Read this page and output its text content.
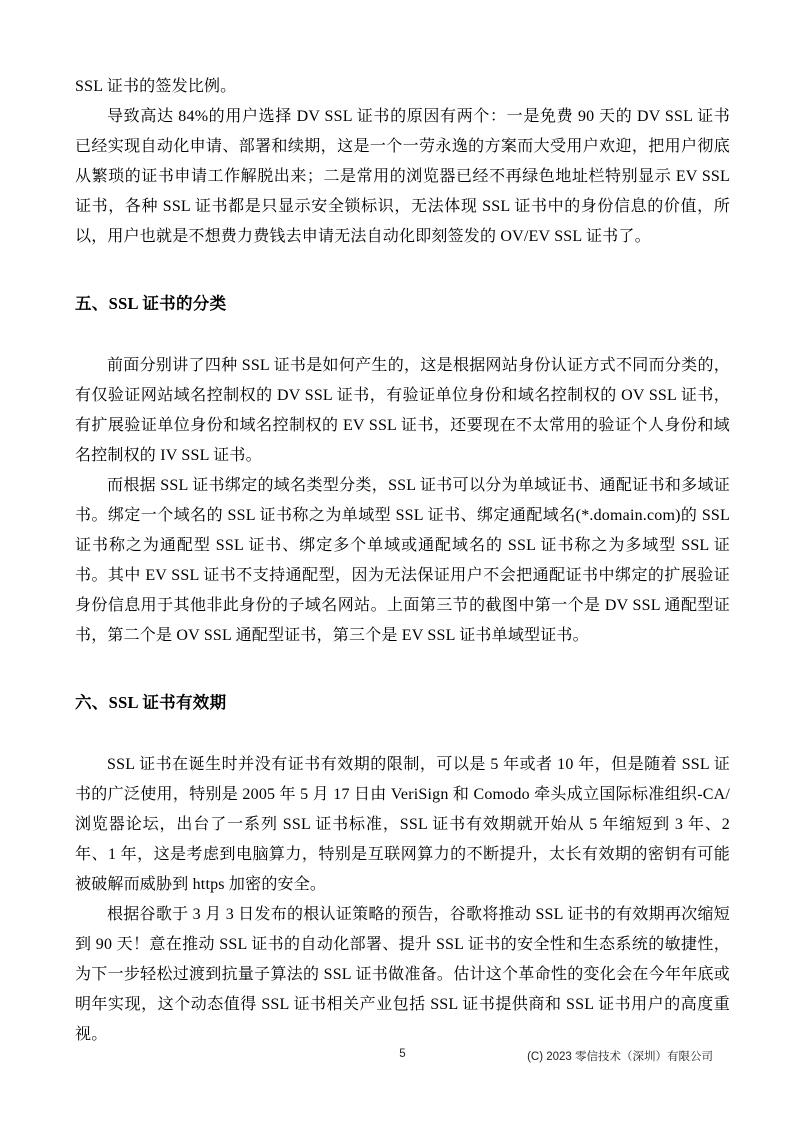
SSL 证书的签发比例。

导致高达 84%的用户选择 DV SSL 证书的原因有两个：一是免费 90 天的 DV SSL 证书已经实现自动化申请、部署和续期，这是一个一劳永逸的方案而大受用户欢迎，把用户彻底从繁琐的证书申请工作解脱出来；二是常用的浏览器已经不再绿色地址栏特别显示 EV SSL 证书，各种 SSL 证书都是只显示安全锁标识，无法体现 SSL 证书中的身份信息的价值，所以，用户也就是不想费力费钱去申请无法自动化即刻签发的 OV/EV SSL 证书了。

五、SSL 证书的分类

前面分别讲了四种 SSL 证书是如何产生的，这是根据网站身份认证方式不同而分类的，有仅验证网站域名控制权的 DV SSL 证书，有验证单位身份和域名控制权的 OV SSL 证书，有扩展验证单位身份和域名控制权的 EV SSL 证书，还要现在不太常用的验证个人身份和域名控制权的 IV SSL 证书。

而根据 SSL 证书绑定的域名类型分类，SSL 证书可以分为单域证书、通配证书和多域证书。绑定一个域名的 SSL 证书称之为单域型 SSL 证书、绑定通配域名(*.domain.com)的 SSL 证书称之为通配型 SSL 证书、绑定多个单域或通配域名的 SSL 证书称之为多域型 SSL 证书。其中 EV SSL 证书不支持通配型，因为无法保证用户不会把通配证书中绑定的扩展验证身份信息用于其他非此身份的子域名网站。上面第三节的截图中第一个是 DV SSL 通配型证书，第二个是 OV SSL 通配型证书，第三个是 EV SSL 证书单域型证书。

六、SSL 证书有效期

SSL 证书在诞生时并没有证书有效期的限制，可以是 5 年或者 10 年，但是随着 SSL 证书的广泛使用，特别是 2005 年 5 月 17 日由 VeriSign 和 Comodo 牵头成立国际标准组织-CA/浏览器论坛，出台了一系列 SSL 证书标准，SSL 证书有效期就开始从 5 年缩短到 3 年、2 年、1 年，这是考虑到电脑算力，特别是互联网算力的不断提升，太长有效期的密钥有可能被破解而威胁到 https 加密的安全。

根据谷歌于 3 月 3 日发布的根认证策略的预告，谷歌将推动 SSL 证书的有效期再次缩短到 90 天！意在推动 SSL 证书的自动化部署、提升 SSL 证书的安全性和生态系统的敏捷性，为下一步轻松过渡到抗量子算法的 SSL 证书做准备。估计这个革命性的变化会在今年年底或明年实现，这个动态值得 SSL 证书相关产业包括 SSL 证书提供商和 SSL 证书用户的高度重视。

5	(C) 2023 零信技术（深圳）有限公司
